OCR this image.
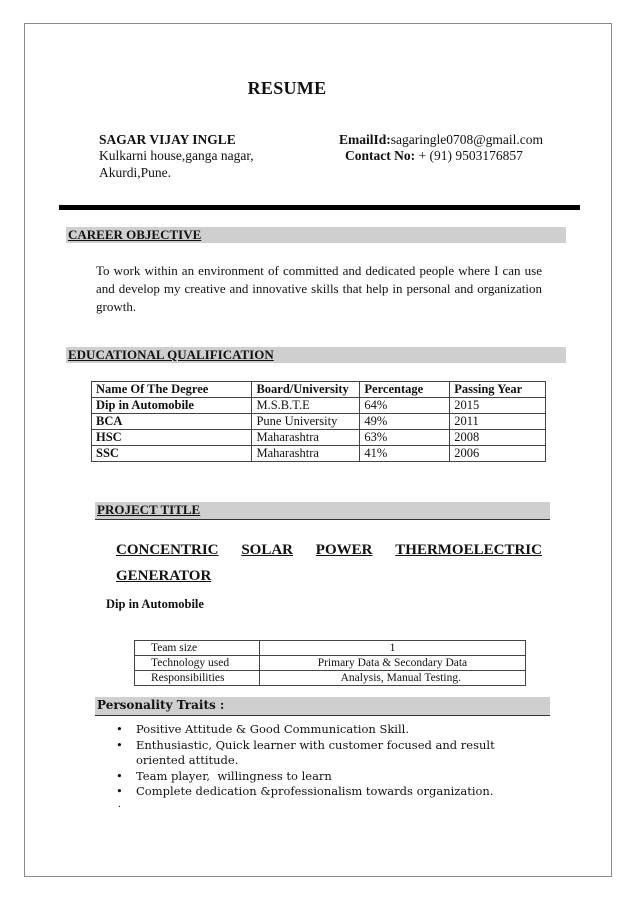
RESUME
SAGAR VIJAY INGLE
Kulkarni house,ganga nagar,
Akurdi,Pune.
EmailId:sagaringle0708@gmail.com
Contact No: + (91) 9503176857
CAREER OBJECTIVE
To work within an environment of committed and dedicated people where I can use and develop my creative and innovative skills that help in personal and organization growth.
EDUCATIONAL QUALIFICATION
Name Of The Degree	Board/University	Percentage	Passing Year
Dip in Automobile	M.S.B.T.E	64%	2015
BCA	Pune University	49%	2011
HSC	Maharashtra	63%	2008
SSC	Maharashtra	41%	2006
PROJECT TITLE
CONCENTRIC SOLAR POWER THERMOELECTRIC
GENERATOR
Dip in Automobile
Team size	1
Technology used	Primary Data & Secondary Data
Responsibilities	Analysis, Manual Testing.
Personality Traits :
• Positive Attitude & Good Communication Skill.
• Enthusiastic, Quick learner with customer focused and result oriented attitude.
• Team player,  willingness to learn
• Complete dedication &professionalism towards organization.
.
